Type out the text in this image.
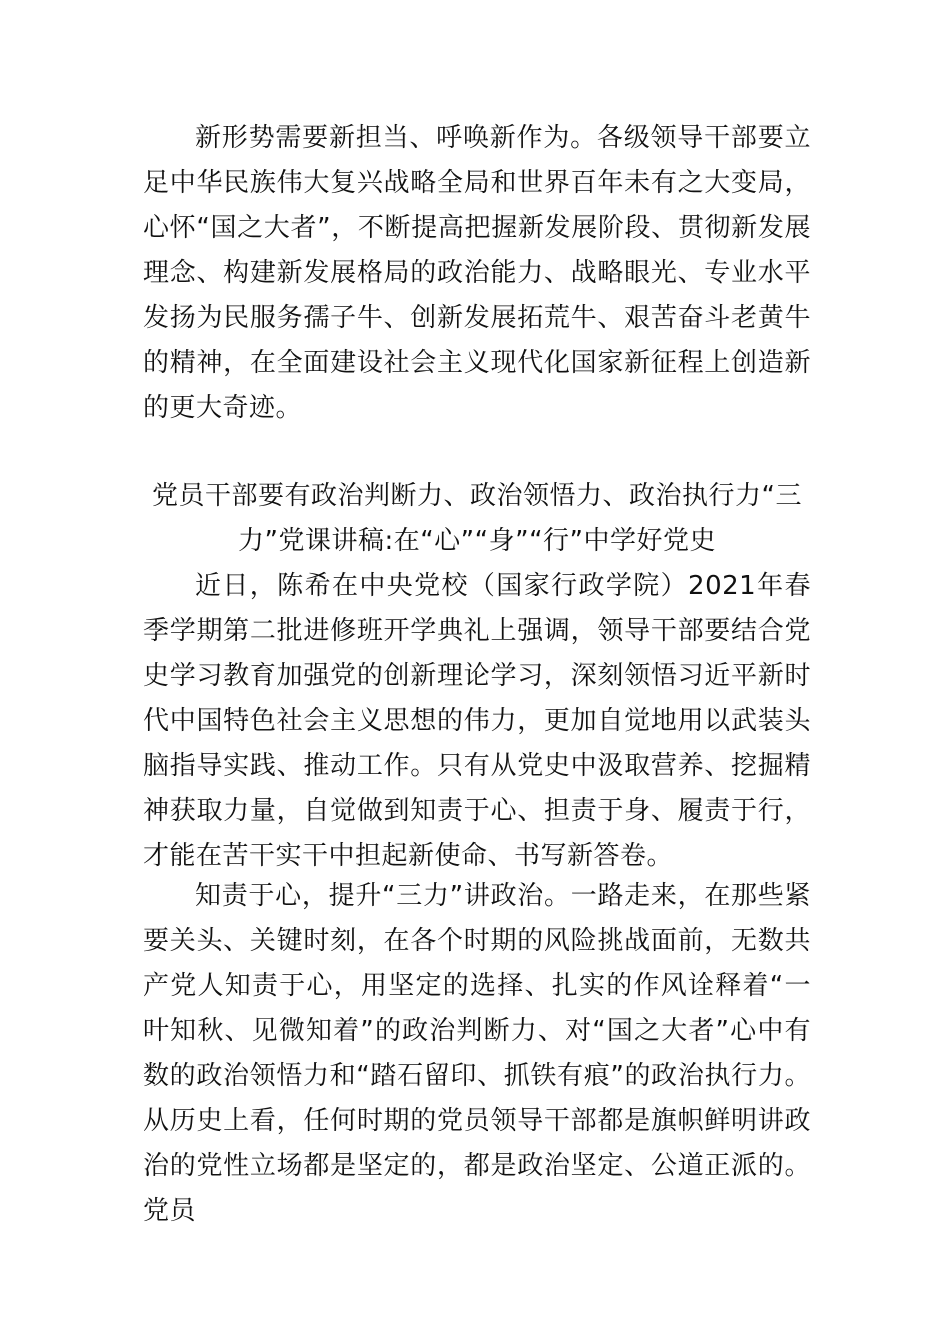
新形势需要新担当、呼唤新作为。各级领导干部要立足中华民族伟大复兴战略全局和世界百年未有之大变局，心怀“国之大者”，不断提高把握新发展阶段、贯彻新发展理念、构建新发展格局的政治能力、战略眼光、专业水平发扬为民服务孺子牛、创新发展拓荒牛、艰苦奋斗老黄牛的精神，在全面建设社会主义现代化国家新征程上创造新的更大奇迹。

党员干部要有政治判断力、政治领悟力、政治执行力“三
力”党课讲稿:在“心”“身”“行”中学好党史

近日，陈希在中央党校（国家行政学院）2021年春季学期第二批进修班开学典礼上强调，领导干部要结合党史学习教育加强党的创新理论学习，深刻领悟习近平新时代中国特色社会主义思想的伟力，更加自觉地用以武装头脑指导实践、推动工作。只有从党史中汲取营养、挖掘精神获取力量，自觉做到知责于心、担责于身、履责于行，才能在苦干实干中担起新使命、书写新答卷。

知责于心，提升“三力”讲政治。一路走来，在那些紧要关头、关键时刻，在各个时期的风险挑战面前，无数共产党人知责于心，用坚定的选择、扎实的作风诠释着“一叶知秋、见微知着”的政治判断力、对“国之大者”心中有数的政治领悟力和“踏石留印、抓铁有痕”的政治执行力。从历史上看，任何时期的党员领导干部都是旗帜鲜明讲政治的党性立场都是坚定的，都是政治坚定、公道正派的。党员
